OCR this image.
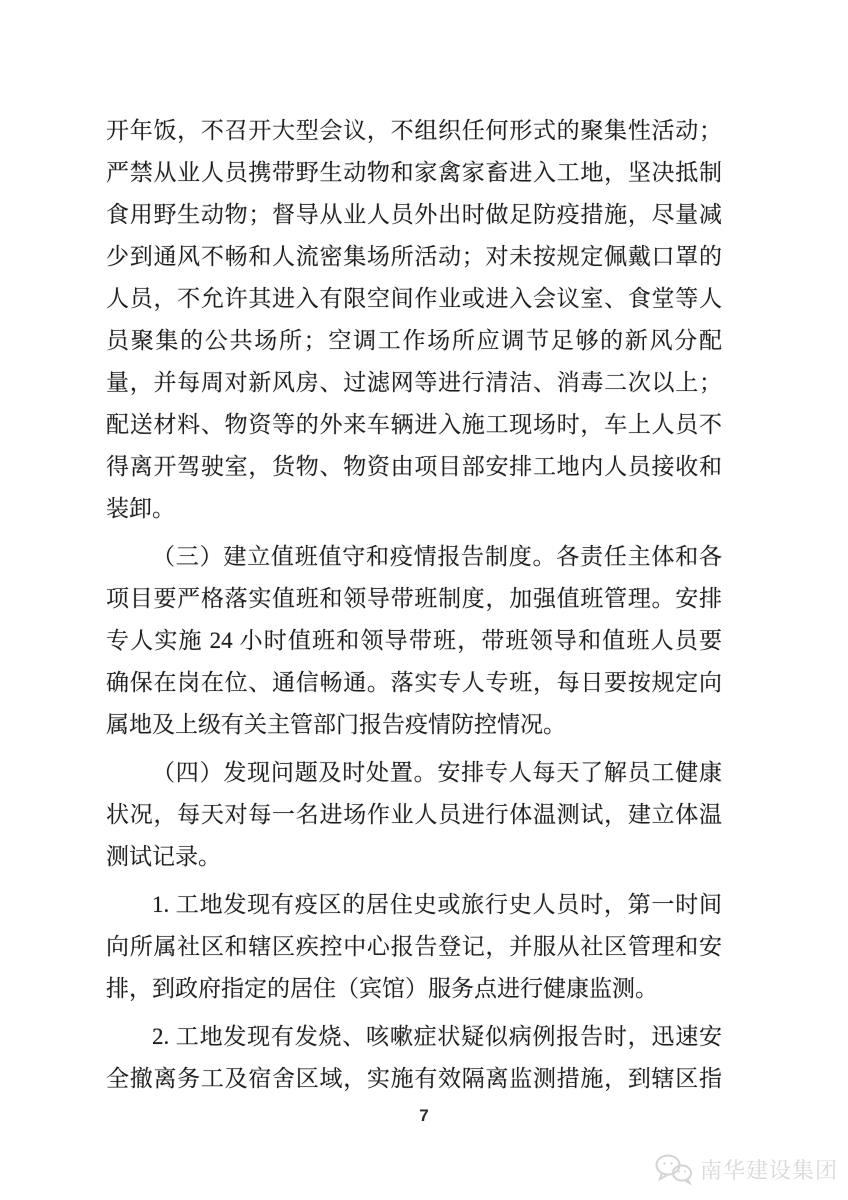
开年饭，不召开大型会议，不组织任何形式的聚集性活动；
严禁从业人员携带野生动物和家禽家畜进入工地，坚决抵制
食用野生动物；督导从业人员外出时做足防疫措施，尽量减
少到通风不畅和人流密集场所活动；对未按规定佩戴口罩的
人员，不允许其进入有限空间作业或进入会议室、食堂等人
员聚集的公共场所；空调工作场所应调节足够的新风分配
量，并每周对新风房、过滤网等进行清洁、消毒二次以上；
配送材料、物资等的外来车辆进入施工现场时，车上人员不
得离开驾驶室，货物、物资由项目部安排工地内人员接收和
装卸。
（三）建立值班值守和疫情报告制度。各责任主体和各
项目要严格落实值班和领导带班制度，加强值班管理。安排
专人实施 24 小时值班和领导带班，带班领导和值班人员要
确保在岗在位、通信畅通。落实专人专班，每日要按规定向
属地及上级有关主管部门报告疫情防控情况。
（四）发现问题及时处置。安排专人每天了解员工健康
状况，每天对每一名进场作业人员进行体温测试，建立体温
测试记录。
1. 工地发现有疫区的居住史或旅行史人员时，第一时间
向所属社区和辖区疾控中心报告登记，并服从社区管理和安
排，到政府指定的居住（宾馆）服务点进行健康监测。
2. 工地发现有发烧、咳嗽症状疑似病例报告时，迅速安
全撤离务工及宿舍区域，实施有效隔离监测措施，到辖区指
7
南华建设集团
